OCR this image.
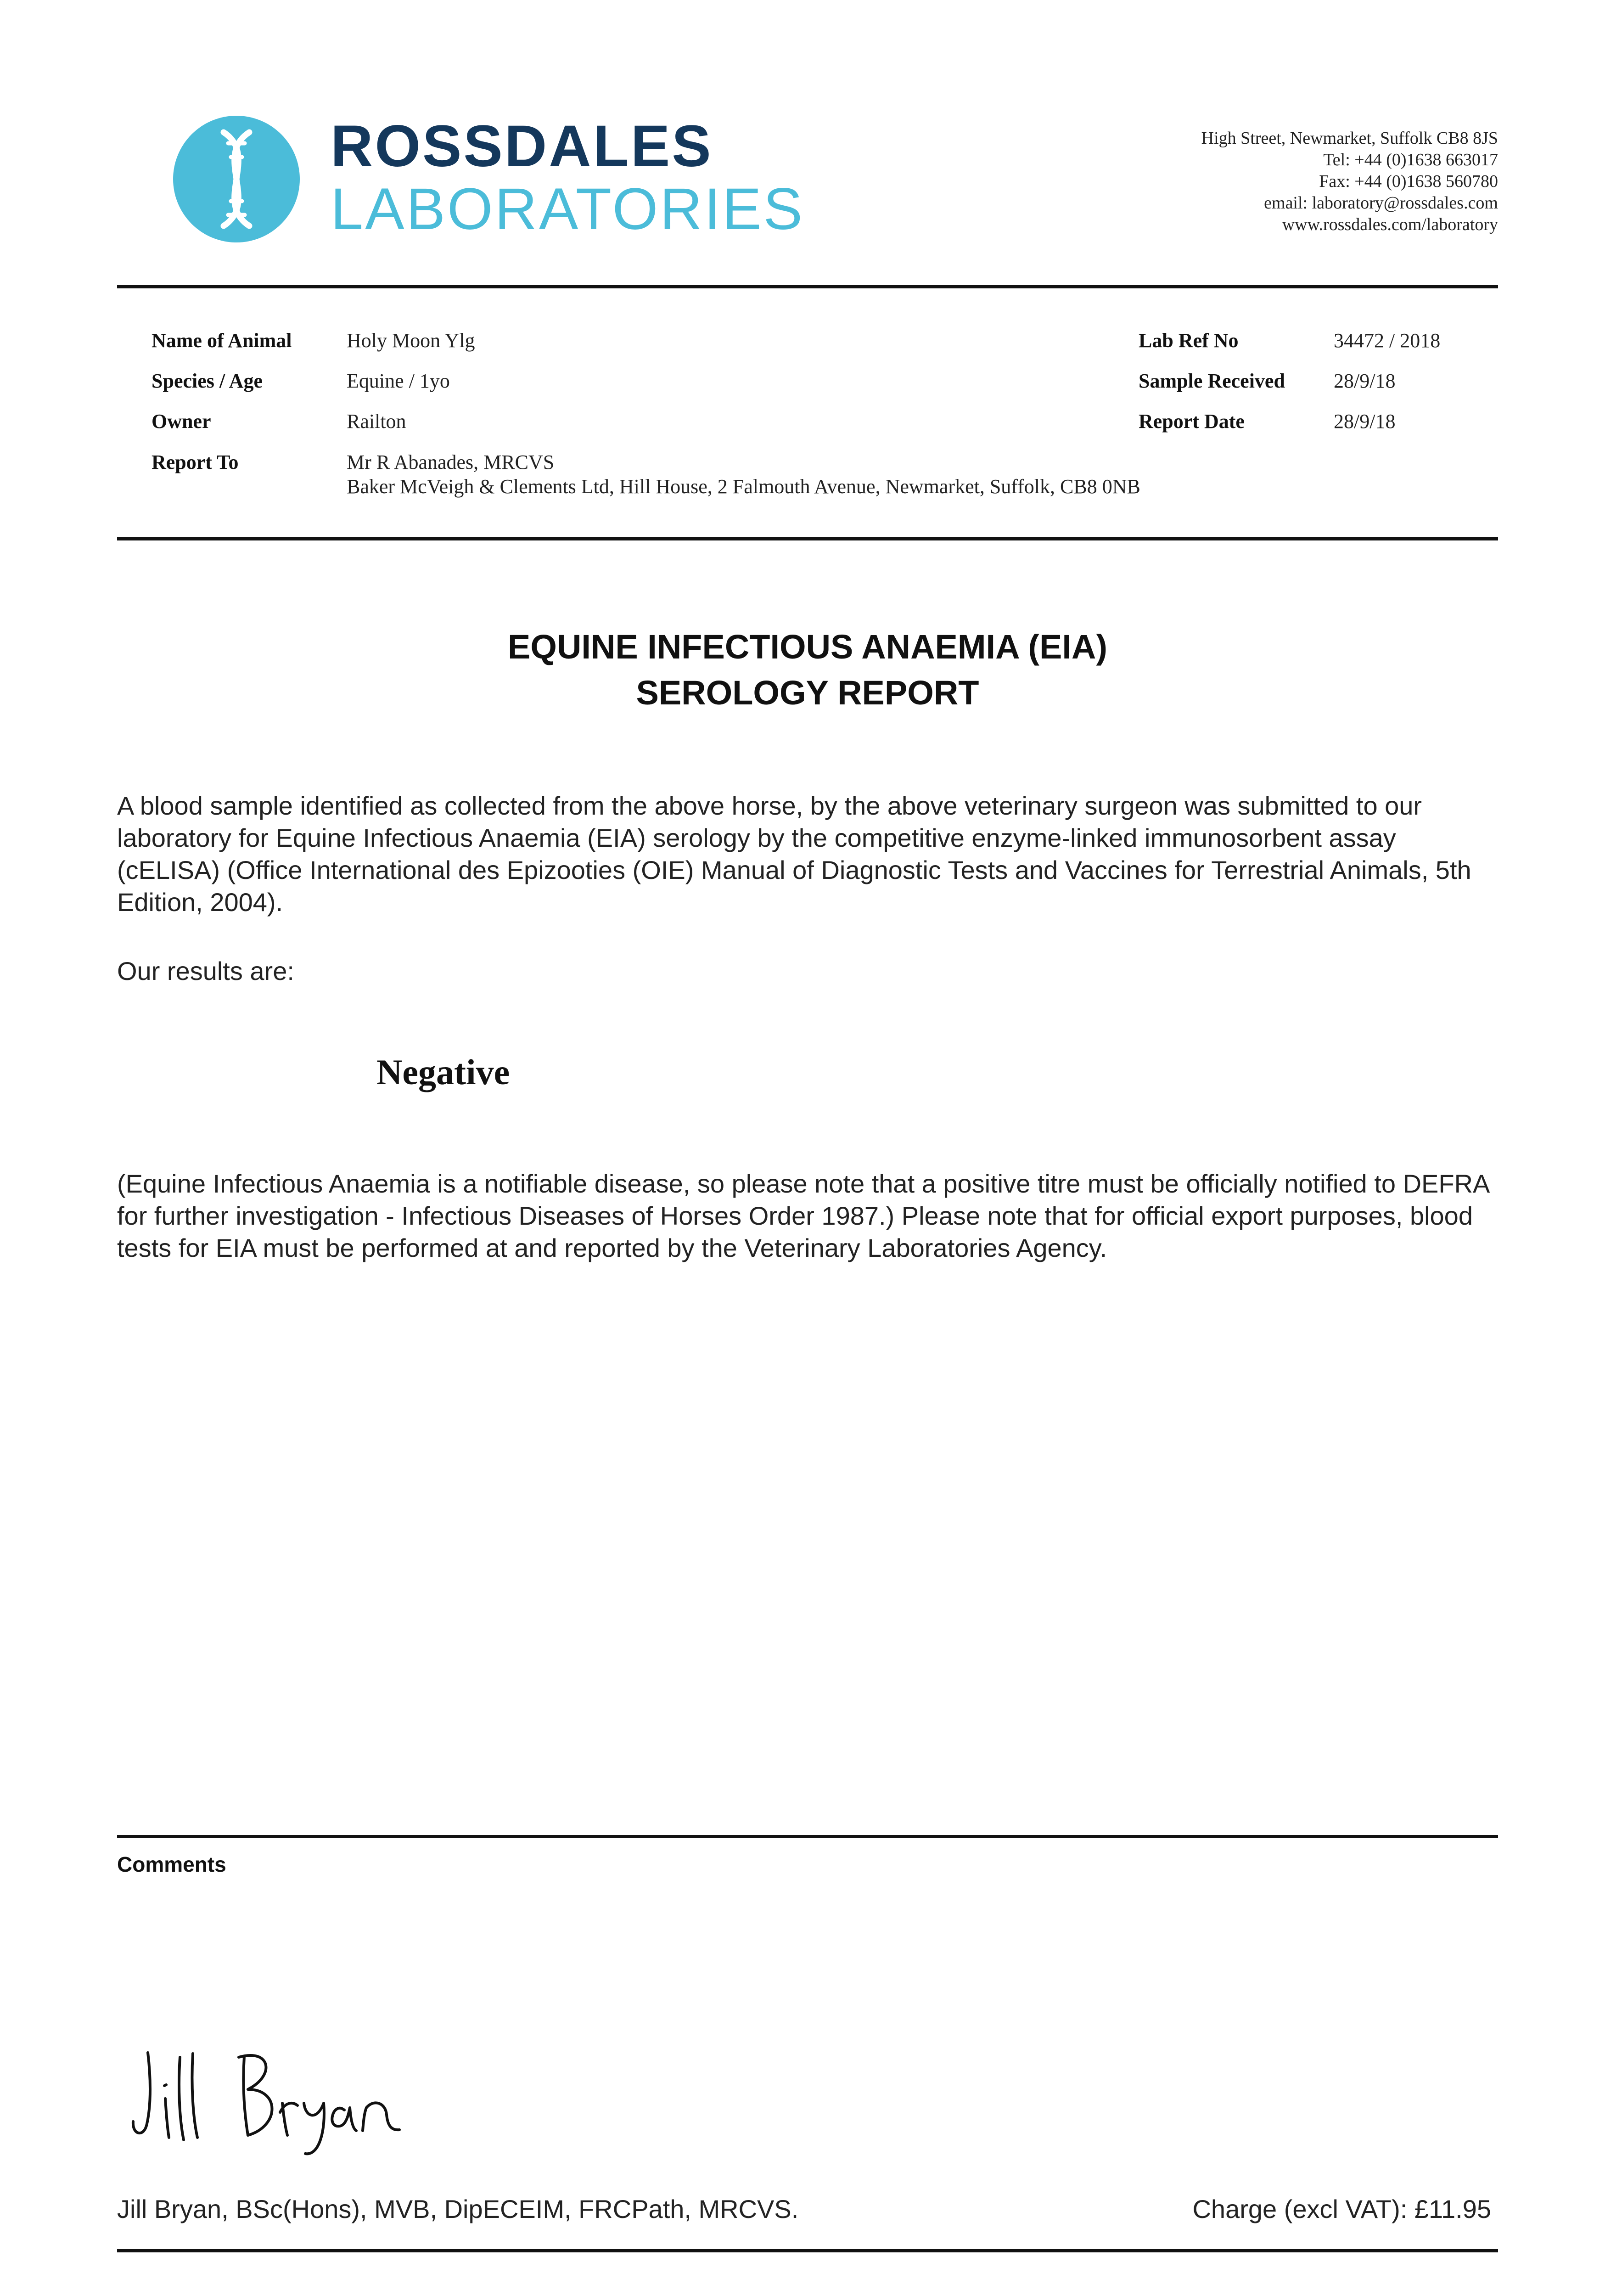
ROSSDALES
LABORATORIES
High Street, Newmarket, Suffolk CB8 8JS
Tel: +44 (0)1638 663017
Fax: +44 (0)1638 560780
email: laboratory@rossdales.com
www.rossdales.com/laboratory
Name of Animal	Holy Moon Ylg
Species / Age	Equine / 1yo
Owner	Railton
Report To	Mr R Abanades, MRCVS
Baker McVeigh & Clements Ltd, Hill House, 2 Falmouth Avenue, Newmarket, Suffolk, CB8 0NB
Lab Ref No	34472 / 2018
Sample Received 28/9/18
Report Date	28/9/18
EQUINE INFECTIOUS ANAEMIA (EIA)
SEROLOGY REPORT
A blood sample identified as collected from the above horse, by the above veterinary surgeon was submitted to our laboratory for Equine Infectious Anaemia (EIA) serology by the competitive enzyme-linked immunosorbent assay (cELISA) (Office International des Epizooties (OIE) Manual of Diagnostic Tests and Vaccines for Terrestrial Animals, 5th Edition, 2004).
Our results are:
Negative
(Equine Infectious Anaemia is a notifiable disease, so please note that a positive titre must be officially notified to DEFRA for further investigation - Infectious Diseases of Horses Order 1987.) Please note that for official export purposes, blood tests for EIA must be performed at and reported by the Veterinary Laboratories Agency.
Comments
Jill Bryan, BSc(Hons), MVB, DipECEIM, FRCPath, MRCVS.	Charge (excl VAT): £11.95
